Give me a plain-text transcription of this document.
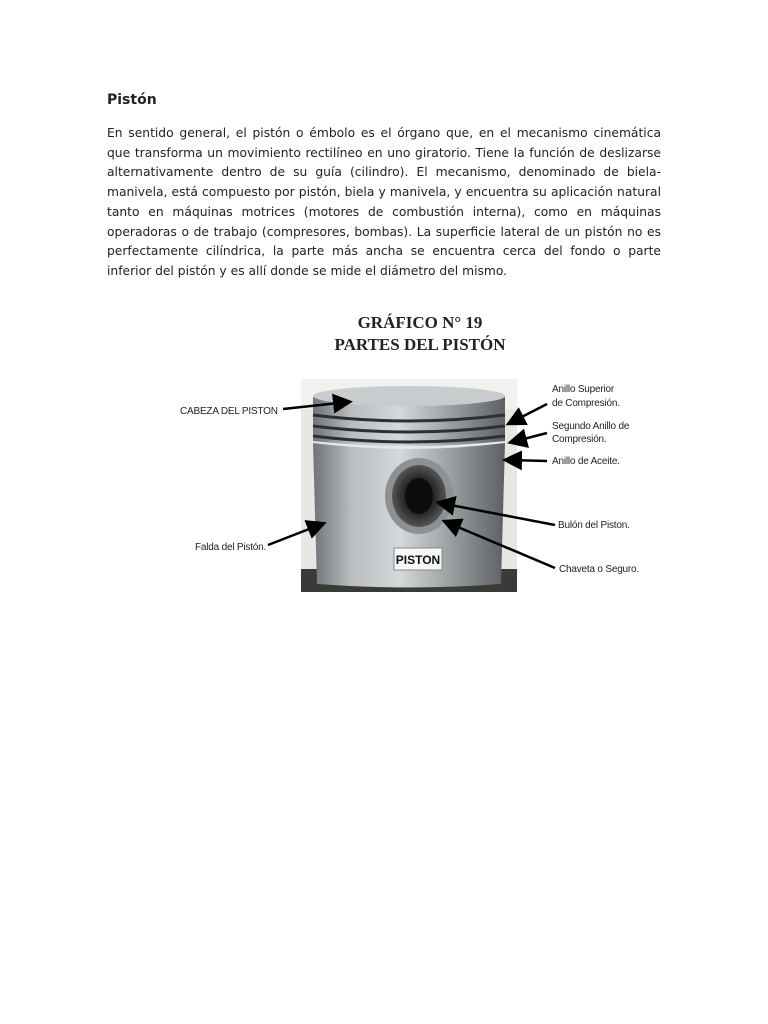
Pistón
En sentido general, el pistón o émbolo es el órgano que, en el mecanismo cinemática que transforma un movimiento rectilíneo en uno giratorio. Tiene la función de deslizarse alternativamente dentro de su guía (cilindro). El mecanismo, denominado de biela-manivela, está compuesto por pistón, biela y manivela, y encuentra su aplicación natural tanto en máquinas motrices (motores de combustión interna), como en máquinas operadoras o de trabajo (compresores, bombas). La superficie lateral de un pistón no es perfectamente cilíndrica, la parte más ancha se encuentra cerca del fondo o parte inferior del pistón y es allí donde se mide el diámetro del mismo.
GRÁFICO N° 19
PARTES DEL PISTÓN
PISTON
CABEZA DEL PISTON
Falda del Pistón.
Anillo Superior
de Compresión.
Segundo Anillo de
Compresión.
Anillo de Aceite.
Bulón del Piston.
Chaveta o Seguro.
